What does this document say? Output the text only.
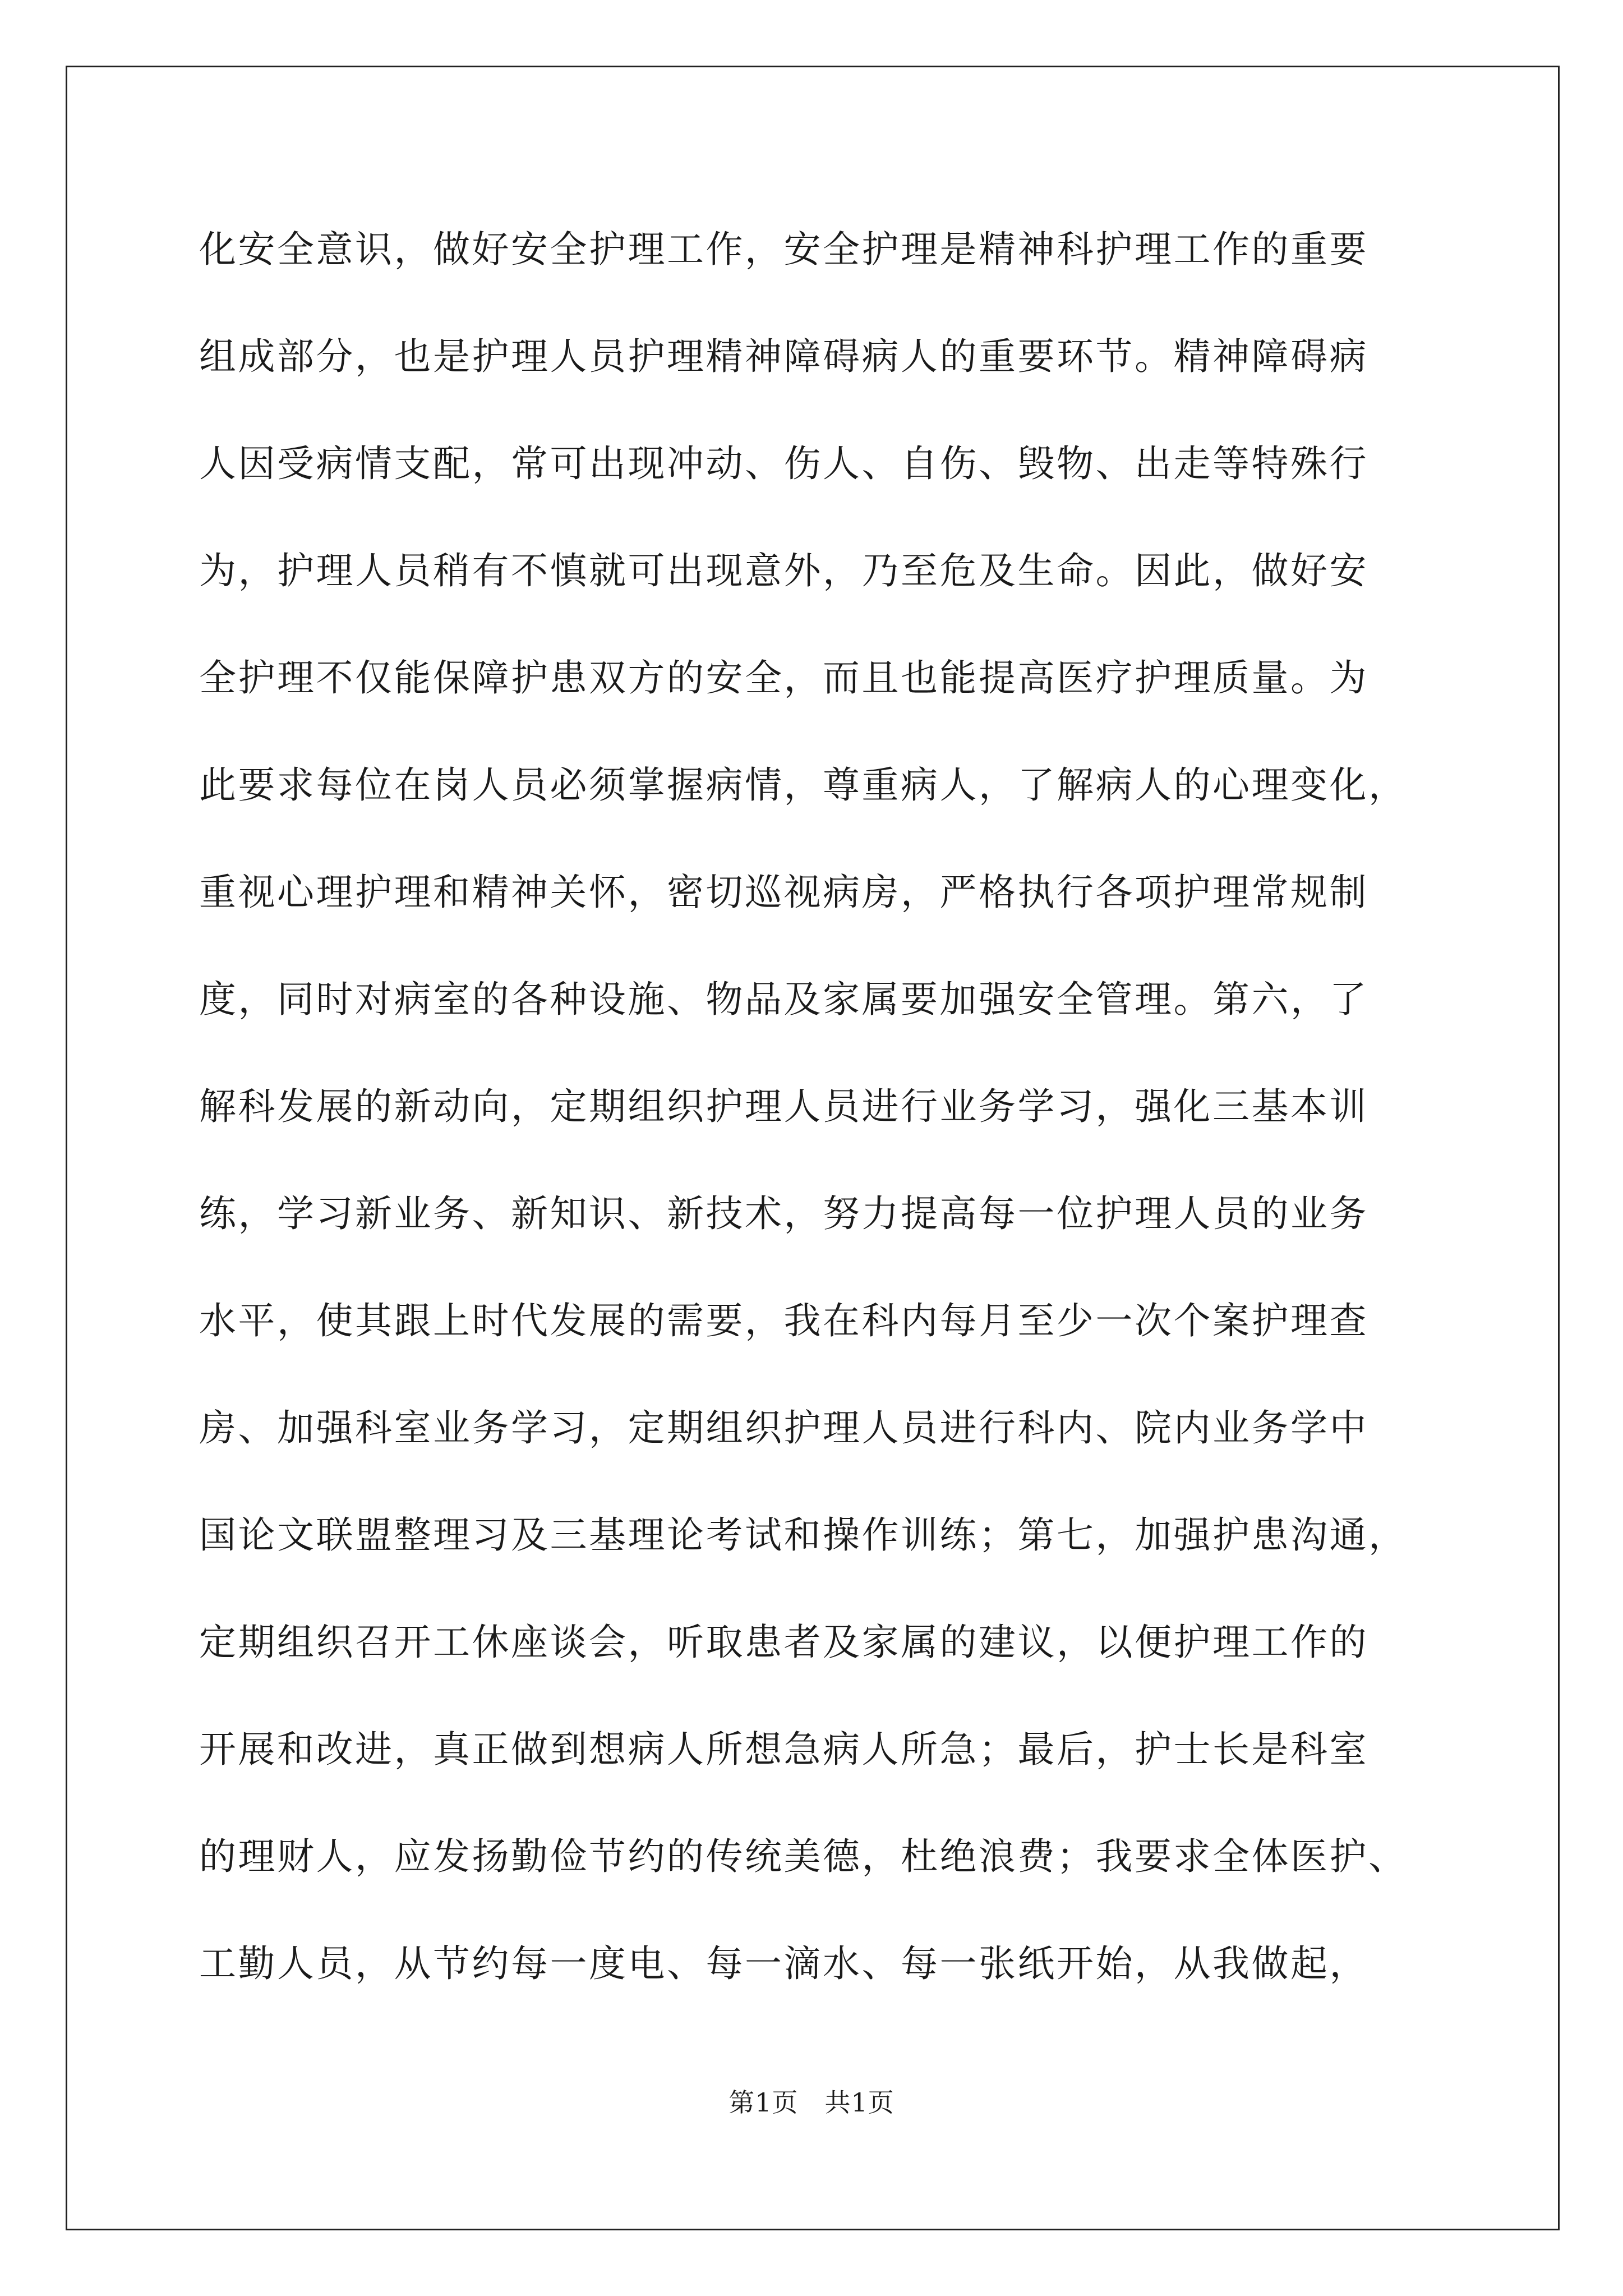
化安全意识，做好安全护理工作，安全护理是精神科护理工作的重要
组成部分，也是护理人员护理精神障碍病人的重要环节。精神障碍病
人因受病情支配，常可出现冲动、伤人、自伤、毁物、出走等特殊行
为，护理人员稍有不慎就可出现意外，乃至危及生命。因此，做好安
全护理不仅能保障护患双方的安全，而且也能提高医疗护理质量。为
此要求每位在岗人员必须掌握病情，尊重病人，了解病人的心理变化，
重视心理护理和精神关怀，密切巡视病房，严格执行各项护理常规制
度，同时对病室的各种设施、物品及家属要加强安全管理。第六，了
解科发展的新动向，定期组织护理人员进行业务学习，强化三基本训
练，学习新业务、新知识、新技术，努力提高每一位护理人员的业务
水平，使其跟上时代发展的需要，我在科内每月至少一次个案护理查
房、加强科室业务学习，定期组织护理人员进行科内、院内业务学中
国论文联盟整理习及三基理论考试和操作训练；第七，加强护患沟通，
定期组织召开工休座谈会，听取患者及家属的建议，以便护理工作的
开展和改进，真正做到想病人所想急病人所急；最后，护士长是科室
的理财人，应发扬勤俭节约的传统美德，杜绝浪费；我要求全体医护、
工勤人员，从节约每一度电、每一滴水、每一张纸开始，从我做起，
第1页　共1页
